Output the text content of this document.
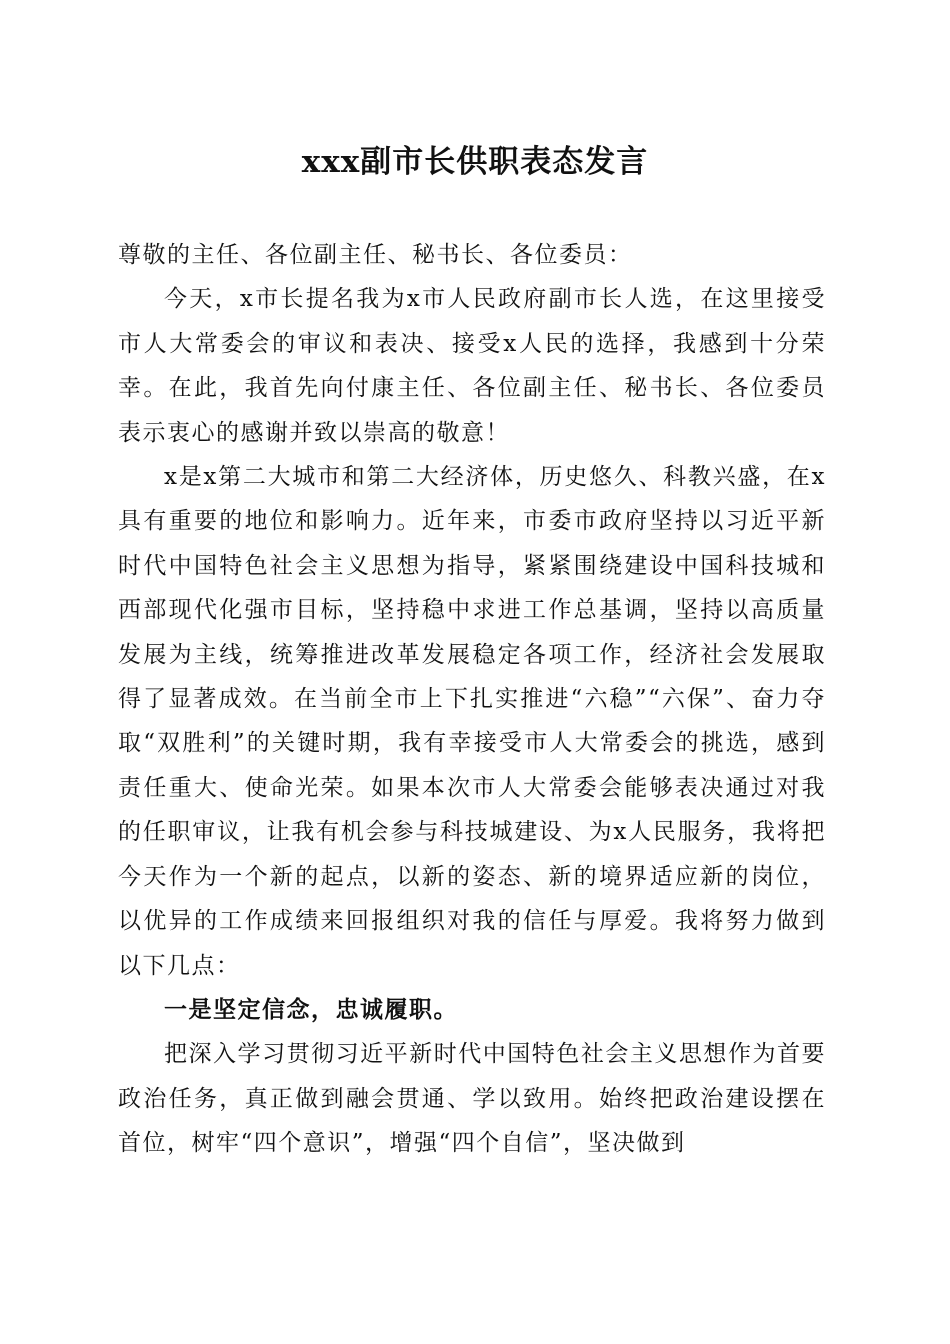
xxx副市长供职表态发言

尊敬的主任、各位副主任、秘书长、各位委员：

今天，x市长提名我为x市人民政府副市长人选，在这里接受市人大常委会的审议和表决、接受x人民的选择，我感到十分荣幸。在此，我首先向付康主任、各位副主任、秘书长、各位委员表示衷心的感谢并致以崇高的敬意！

x是x第二大城市和第二大经济体，历史悠久、科教兴盛，在x具有重要的地位和影响力。近年来，市委市政府坚持以习近平新时代中国特色社会主义思想为指导，紧紧围绕建设中国科技城和西部现代化强市目标，坚持稳中求进工作总基调，坚持以高质量发展为主线，统筹推进改革发展稳定各项工作，经济社会发展取得了显著成效。在当前全市上下扎实推进“六稳”“六保”、奋力夺取“双胜利”的关键时期，我有幸接受市人大常委会的挑选，感到责任重大、使命光荣。如果本次市人大常委会能够表决通过对我的任职审议，让我有机会参与科技城建设、为x人民服务，我将把今天作为一个新的起点，以新的姿态、新的境界适应新的岗位，以优异的工作成绩来回报组织对我的信任与厚爱。我将努力做到以下几点：

一是坚定信念，忠诚履职。

把深入学习贯彻习近平新时代中国特色社会主义思想作为首要政治任务，真正做到融会贯通、学以致用。始终把政治建设摆在首位，树牢“四个意识”，增强“四个自信”，坚决做到
